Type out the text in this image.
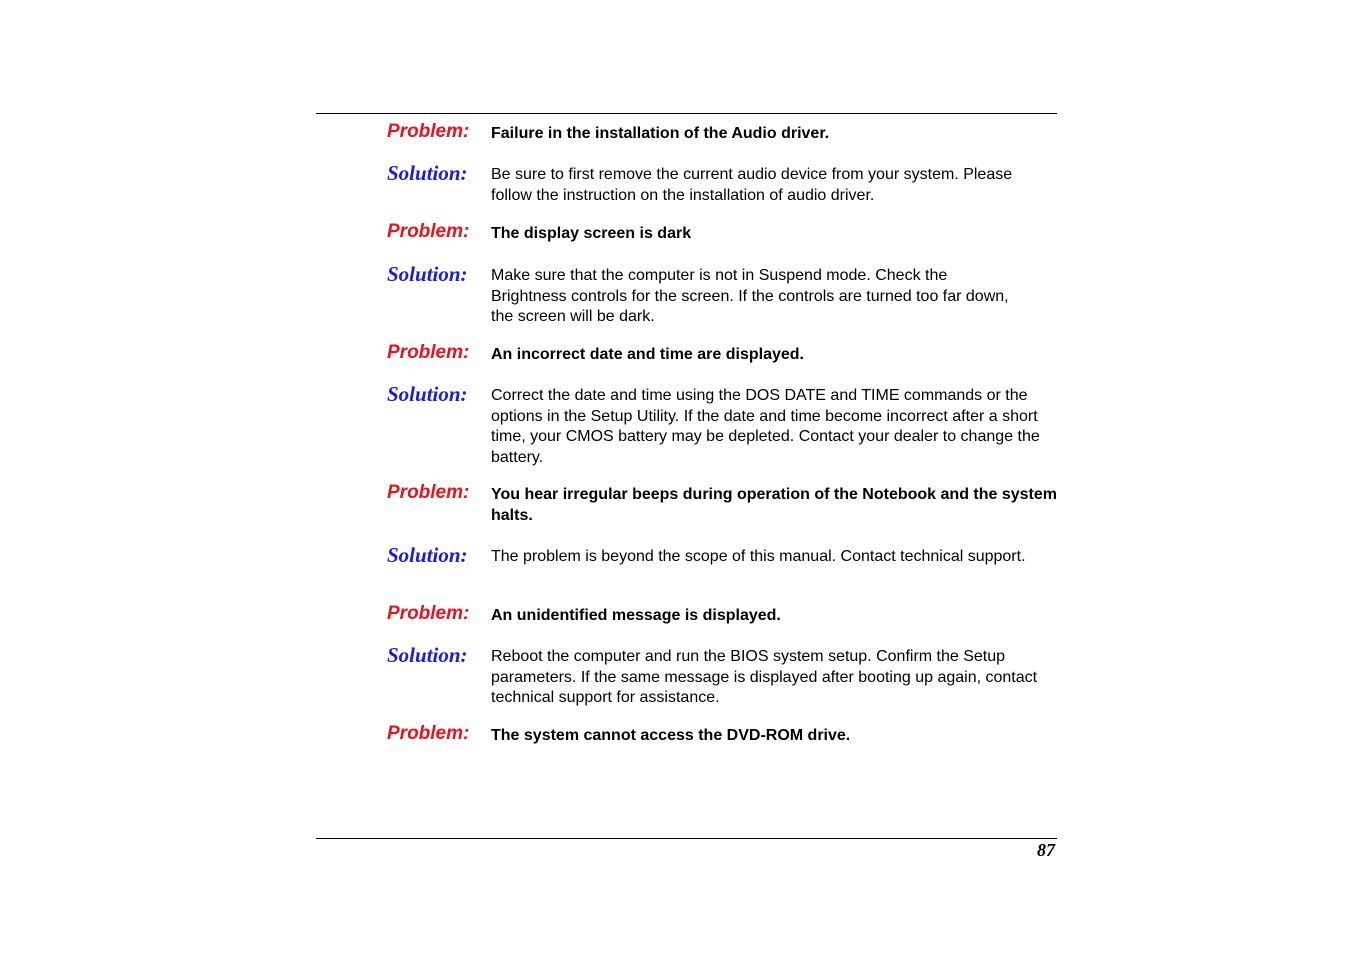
Problem: Failure in the installation of the Audio driver.
Solution: Be sure to first remove the current audio device from your system. Please follow the instruction on the installation of audio driver.
Problem: The display screen is dark
Solution: Make sure that the computer is not in Suspend mode. Check the Brightness controls for the screen. If the controls are turned too far down, the screen will be dark.
Problem: An incorrect date and time are displayed.
Solution: Correct the date and time using the DOS DATE and TIME commands or the options in the Setup Utility. If the date and time become incorrect after a short time, your CMOS battery may be depleted. Contact your dealer to change the battery.
Problem: You hear irregular beeps during operation of the Notebook and the system halts.
Solution: The problem is beyond the scope of this manual. Contact technical support.
Problem: An unidentified message is displayed.
Solution: Reboot the computer and run the BIOS system setup. Confirm the Setup parameters. If the same message is displayed after booting up again, contact technical support for assistance.
Problem: The system cannot access the DVD-ROM drive.
87
